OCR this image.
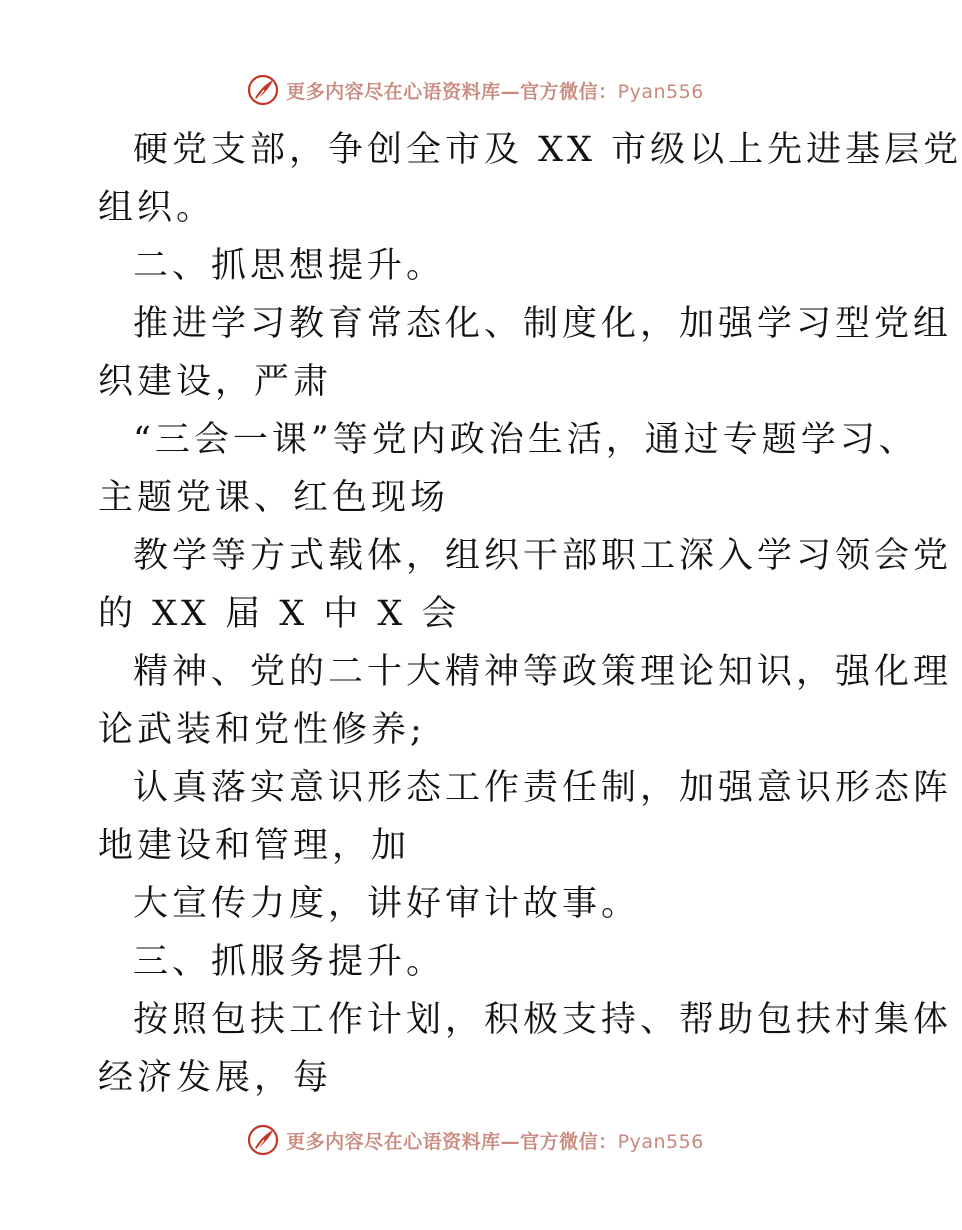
更多内容尽在心语资料库—官方微信：Pyan556

硬党支部，争创全市及 XX 市级以上先进基层党
组织。

二、抓思想提升。

推进学习教育常态化、制度化，加强学习型党组
织建设，严肃

“三会一课”等党内政治生活，通过专题学习、
主题党课、红色现场

教学等方式载体，组织干部职工深入学习领会党
的 XX 届 X 中 X 会

精神、党的二十大精神等政策理论知识，强化理
论武装和党性修养;

认真落实意识形态工作责任制，加强意识形态阵
地建设和管理，加

大宣传力度，讲好审计故事。

三、抓服务提升。

按照包扶工作计划，积极支持、帮助包扶村集体
经济发展，每

更多内容尽在心语资料库—官方微信：Pyan556
